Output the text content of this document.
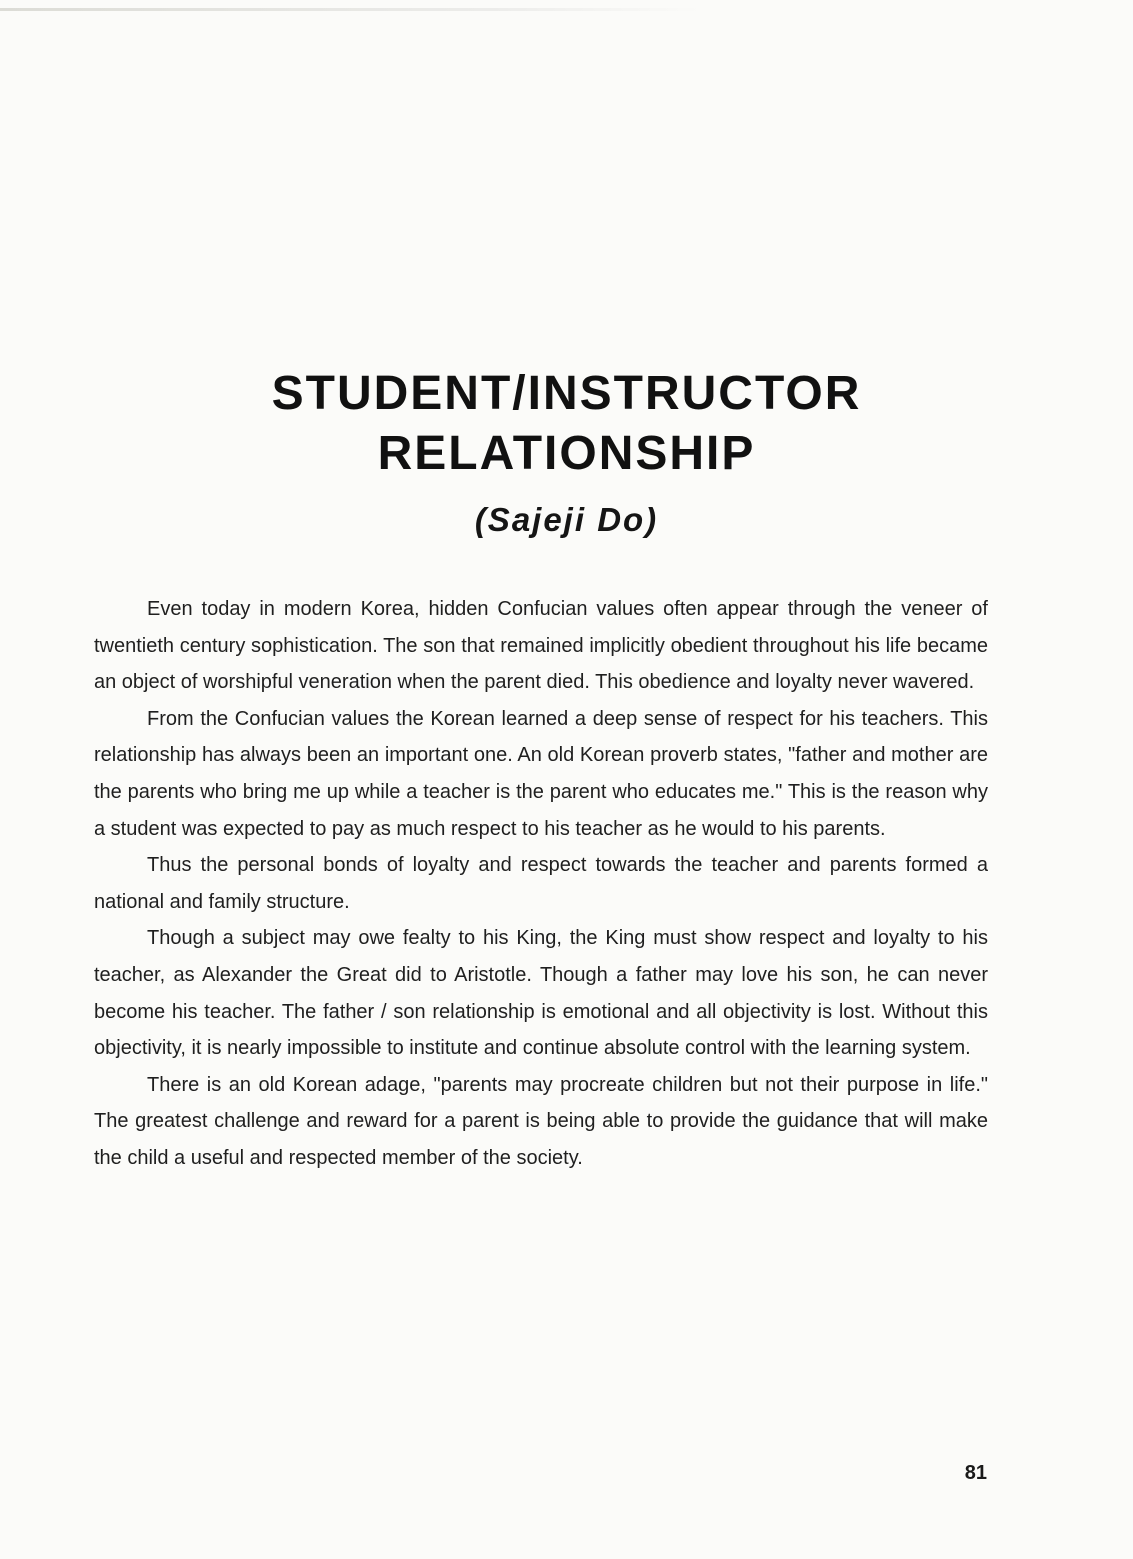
STUDENT/INSTRUCTOR
RELATIONSHIP
(Sajeji Do)

Even today in modern Korea, hidden Confucian values often appear through the veneer of twentieth century sophistication. The son that remained implicitly obedient throughout his life became an object of worshipful veneration when the parent died. This obedience and loyalty never wavered.

From the Confucian values the Korean learned a deep sense of respect for his teachers. This relationship has always been an important one. An old Korean proverb states, "father and mother are the parents who bring me up while a teacher is the parent who educates me." This is the reason why a student was expected to pay as much respect to his teacher as he would to his parents.

Thus the personal bonds of loyalty and respect towards the teacher and parents formed a national and family structure.

Though a subject may owe fealty to his King, the King must show respect and loyalty to his teacher, as Alexander the Great did to Aristotle. Though a father may love his son, he can never become his teacher. The father / son relationship is emotional and all objectivity is lost. Without this objectivity, it is nearly impossible to institute and continue absolute control with the learning system.

There is an old Korean adage, "parents may procreate children but not their purpose in life." The greatest challenge and reward for a parent is being able to provide the guidance that will make the child a useful and respected member of the society.

81
